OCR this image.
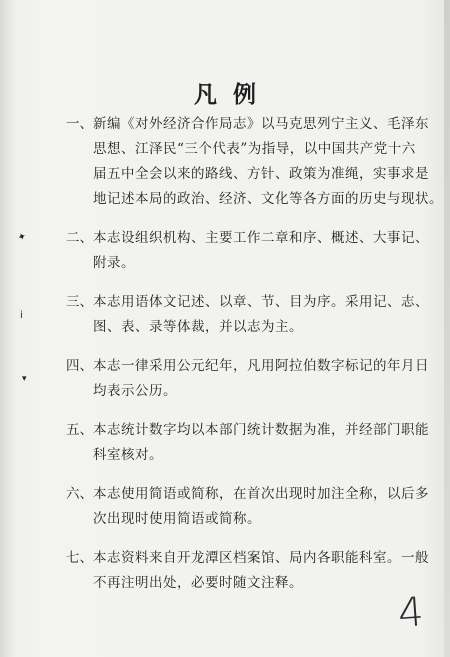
凡例
一、 新编《对外经济合作局志》以马克思列宁主义、毛泽东
思想、江泽民“三个代表”为指导，以中国共产党十六
届五中全会以来的路线、方针、政策为准绳，实事求是
地记述本局的政治、经济、文化等各方面的历史与现状。
二、 本志设组织机构、主要工作二章和序、概述、大事记、
附录。
三、 本志用语体文记述、以章、节、目为序。采用记、志、
图、表、录等体裁，并以志为主。
四、 本志一律采用公元纪年，凡用阿拉伯数字标记的年月日
均表示公历。
五、 本志统计数字均以本部门统计数据为准，并经部门职能
科室核对。
六、 本志使用简语或简称，在首次出现时加注全称，以后多
次出现时使用简语或简称。
七、 本志资料来自开龙潭区档案馆、局内各职能科室。一般
不再注明出处，必要时随文注释。
✦
ⅰ
▾
4
